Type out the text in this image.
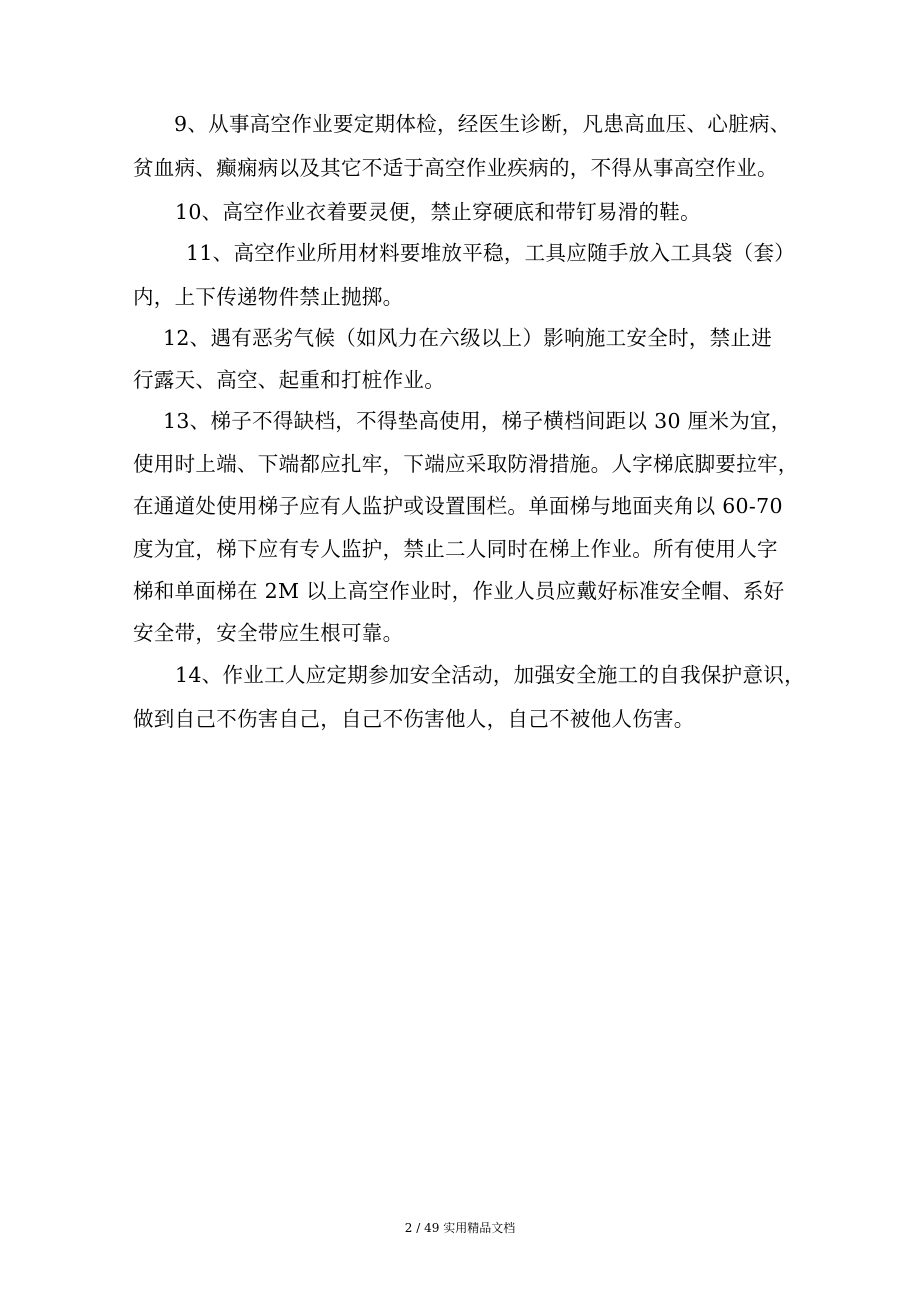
9、从事高空作业要定期体检，经医生诊断，凡患高血压、心脏病、
贫血病、癫痫病以及其它不适于高空作业疾病的，不得从事高空作业。
10、高空作业衣着要灵便，禁止穿硬底和带钉易滑的鞋。
11、高空作业所用材料要堆放平稳，工具应随手放入工具袋（套）
内，上下传递物件禁止抛掷。
12、遇有恶劣气候（如风力在六级以上）影响施工安全时，禁止进
行露天、高空、起重和打桩作业。
13、梯子不得缺档，不得垫高使用，梯子横档间距以 30 厘米为宜，
使用时上端、下端都应扎牢，下端应采取防滑措施。人字梯底脚要拉牢，
在通道处使用梯子应有人监护或设置围栏。单面梯与地面夹角以 60-70
度为宜，梯下应有专人监护，禁止二人同时在梯上作业。所有使用人字
梯和单面梯在 2M 以上高空作业时，作业人员应戴好标准安全帽、系好
安全带，安全带应生根可靠。
14、作业工人应定期参加安全活动，加强安全施工的自我保护意识，
做到自己不伤害自己，自己不伤害他人，自己不被他人伤害。
2 / 49 实用精品文档
